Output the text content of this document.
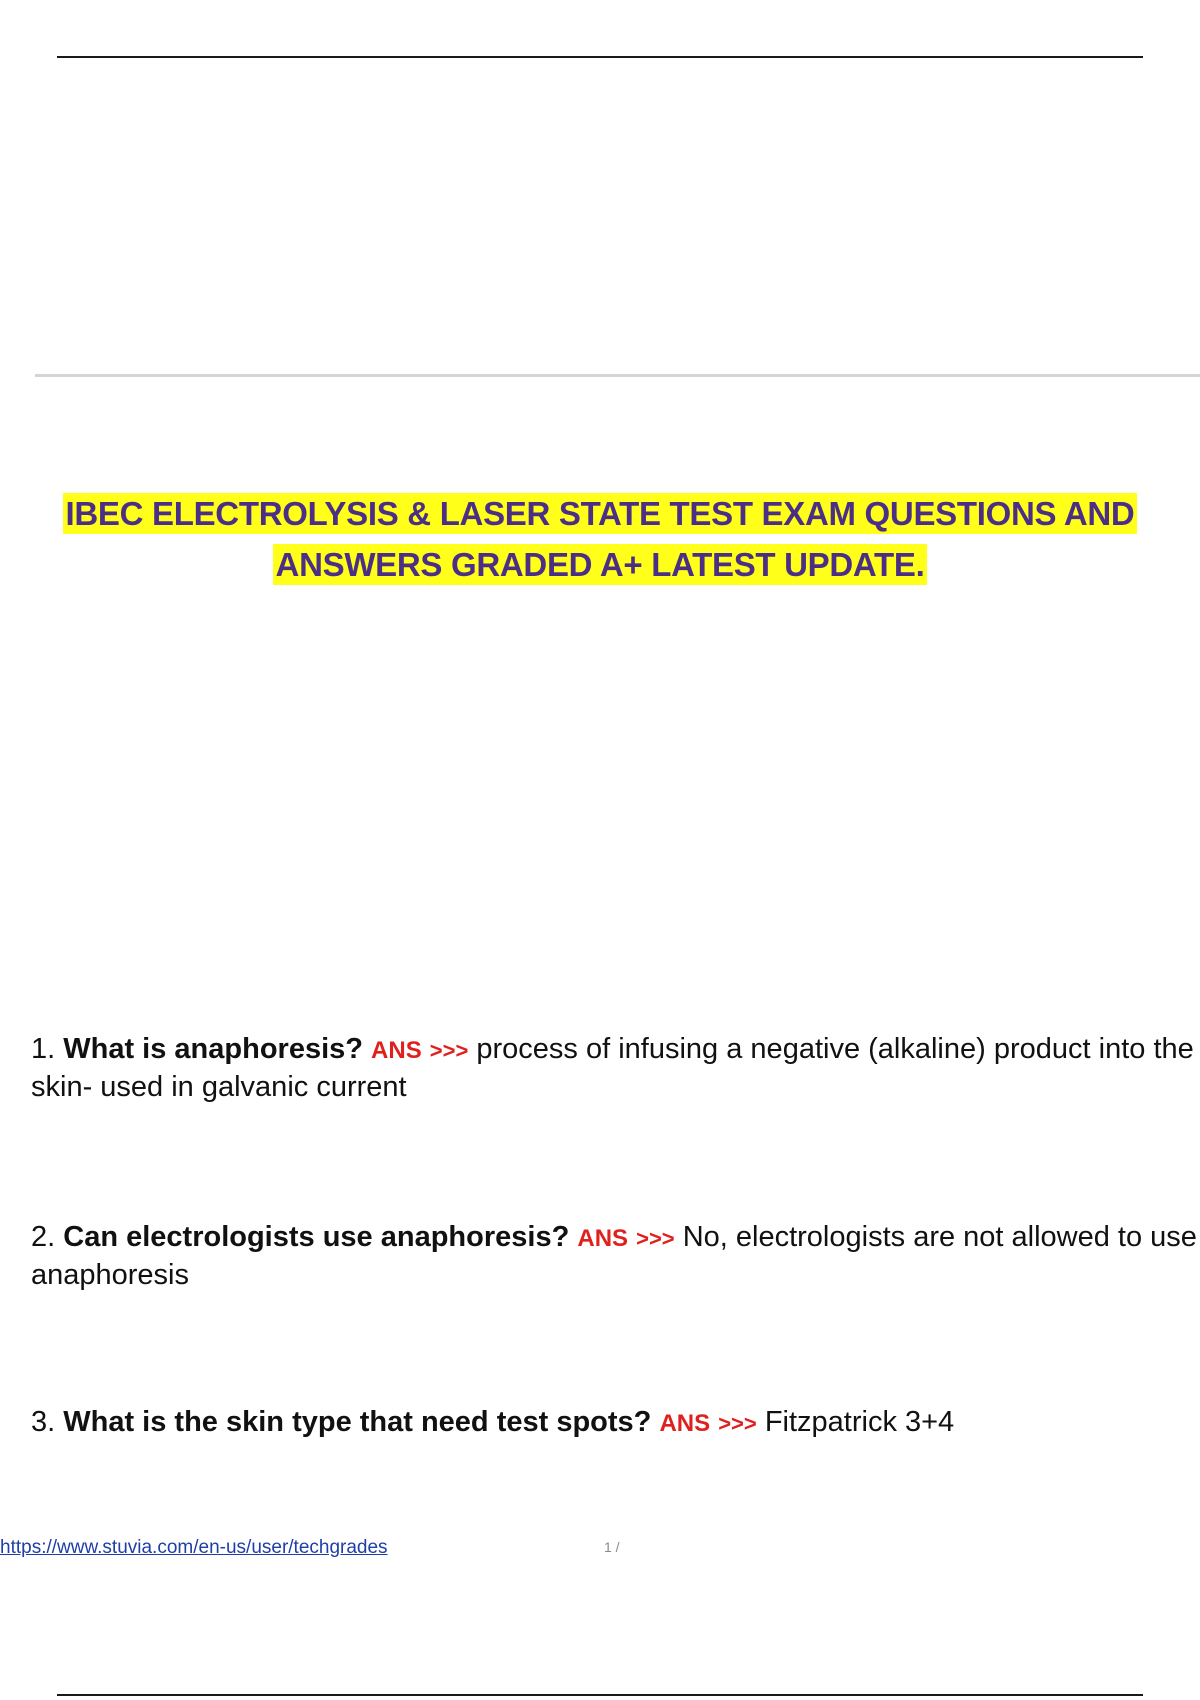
IBEC ELECTROLYSIS & LASER STATE TEST EXAM QUESTIONS AND
ANSWERS GRADED A+ LATEST UPDATE.
1. What is anaphoresis? ANS >>> process of infusing a negative (alkaline) product into the skin- used in galvanic current
2. Can electrologists use anaphoresis? ANS >>> No, electrologists are not allowed to use anaphoresis
3. What is the skin type that need test spots? ANS >>> Fitzpatrick 3+4
https://www.stuvia.com/en-us/user/techgrades	1 /
